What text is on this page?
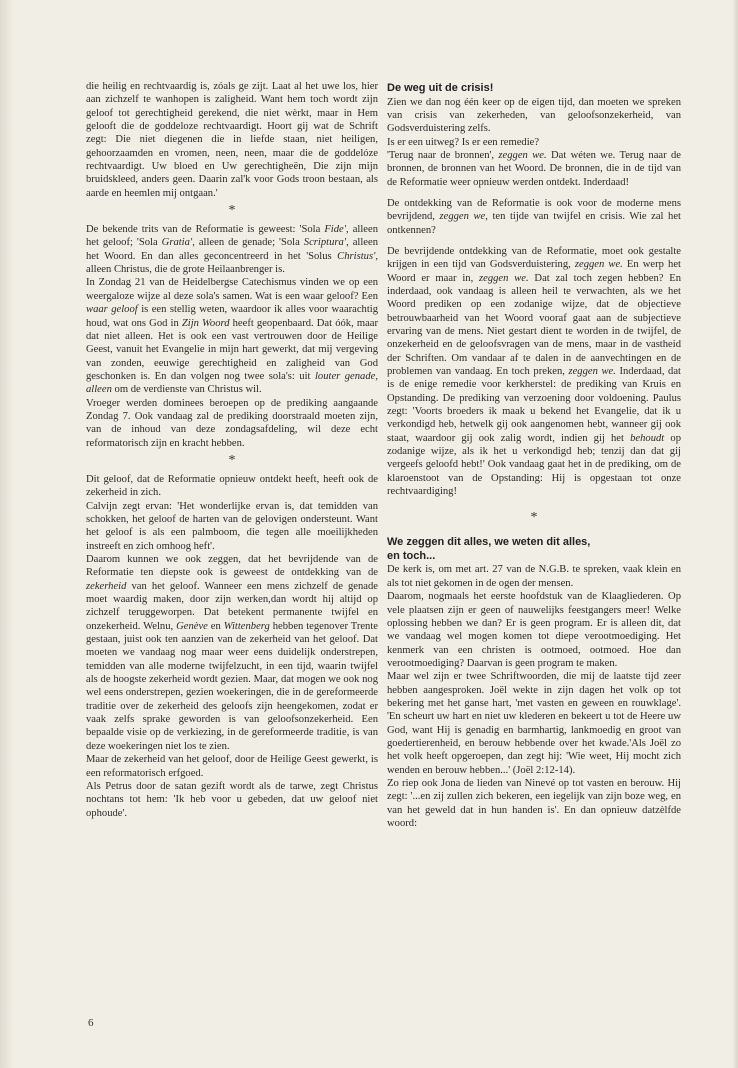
die heilig en rechtvaardig is, zóals ge zijt. Laat al het uwe los, hier aan zichzelf te wanhopen is zaligheid. Want hem toch wordt zijn geloof tot gerechtigheid gerekend, die niet wèrkt, maar in Hem gelooft die de goddeloze rechtvaardigt. Hoort gij wat de Schrift zegt: Die niet diegenen die in liefde staan, niet heiligen, gehoorzaamden en vromen, neen, neen, maar die de goddelóze rechtvaardigt. Uw bloed en Uw gerechtigheën, Die zijn mijn bruidskleed, anders geen. Daarin zal'k voor Gods troon bestaan, als aarde en heemlen mij ontgaan.'

*

De bekende trits van de Reformatie is geweest: 'Sola Fide', alleen het geloof; 'Sola Gratia', alleen de genade; 'Sola Scriptura', alleen het Woord. En dan alles geconcentreerd in het 'Solus Christus', alleen Christus, die de grote Heilaanbrenger is.

In Zondag 21 van de Heidelbergse Catechismus vinden we op een weergaloze wijze al deze sola's samen. Wat is een waar geloof? Een waar geloof is een stellig weten, waardoor ik alles voor waarachtig houd, wat ons God in Zijn Woord heeft geopenbaard. Dat óók, maar dat niet alleen. Het is ook een vast vertrouwen door de Heilige Geest, vanuit het Evangelie in mijn hart gewerkt, dat mij vergeving van zonden, eeuwige gerechtigheid en zaligheid van God geschonken is. En dan volgen nog twee sola's: uit louter genade, alleen om de verdienste van Christus wil.

Vroeger werden dominees beroepen op de prediking aangaande Zondag 7. Ook vandaag zal de prediking doorstraald moeten zijn, van de inhoud van deze zondagsafdeling, wil deze echt reformatorisch zijn en kracht hebben.

*

Dit geloof, dat de Reformatie opnieuw ontdekt heeft, heeft ook de zekerheid in zich.

Calvijn zegt ervan: 'Het wonderlijke ervan is, dat temidden van schokken, het geloof de harten van de gelovigen ondersteunt. Want het geloof is als een palmboom, die tegen alle moeilijkheden instreeft en zich omhoog heft'.

Daarom kunnen we ook zeggen, dat het bevrijdende van de Reformatie ten diepste ook is geweest de ontdekking van de zekerheid van het geloof. Wanneer een mens zichzelf de genade moet waardig maken, door zijn werken,dan wordt hij altijd op zichzelf teruggeworpen. Dat betekent permanente twijfel en onzekerheid. Welnu, Genève en Wittenberg hebben tegenover Trente gestaan, juist ook ten aanzien van de zekerheid van het geloof. Dat moeten we vandaag nog maar weer eens duidelijk onderstrepen, temidden van alle moderne twijfelzucht, in een tijd, waarin twijfel als de hoogste zekerheid wordt gezien. Maar, dat mogen we ook nog wel eens onderstrepen, gezien woekeringen, die in de gereformeerde traditie over de zekerheid des geloofs zijn heengekomen, zodat er vaak zelfs sprake geworden is van geloofsonzekerheid. Een bepaalde visie op de verkiezing, in de gereformeerde traditie, is van deze woekeringen niet los te zien.

Maar de zekerheid van het geloof, door de Heilige Geest gewerkt, is een reformatorisch erfgoed.

Als Petrus door de satan gezift wordt als de tarwe, zegt Christus nochtans tot hem: 'Ik heb voor u gebeden, dat uw geloof niet ophoude'.

De weg uit de crisis!

Zien we dan nog één keer op de eigen tijd, dan moeten we spreken van crisis van zekerheden, van geloofsonzekerheid, van Godsverduistering zelfs.

Is er een uitweg? Is er een remedie?

'Terug naar de bronnen', zeggen we. Dat wéten we. Terug naar de bronnen, de bronnen van het Woord. De bronnen, die in de tijd van de Reformatie weer opnieuw werden ontdekt. Inderdaad!

De ontdekking van de Reformatie is ook voor de moderne mens bevrijdend, zeggen we, ten tijde van twijfel en crisis. Wie zal het ontkennen?

De bevrijdende ontdekking van de Reformatie, moet ook gestalte krijgen in een tijd van Godsverduistering, zeggen we. En werp het Woord er maar in, zeggen we. Dat zal toch zegen hebben? En inderdaad, ook vandaag is alleen heil te verwachten, als we het Woord prediken op een zodanige wijze, dat de objectieve betrouwbaarheid van het Woord vooraf gaat aan de subjectieve ervaring van de mens. Niet gestart dient te worden in de twijfel, de onzekerheid en de geloofsvragen van de mens, maar in de vastheid der Schriften. Om vandaar af te dalen in de aanvechtingen en de problemen van vandaag. En toch preken, zeggen we. Inderdaad, dat is de enige remedie voor kerkherstel: de prediking van Kruis en Opstanding. De prediking van verzoening door voldoening. Paulus zegt: 'Voorts broeders ik maak u bekend het Evangelie, dat ik u verkondigd heb, hetwelk gij ook aangenomen hebt, wanneer gij ook staat, waardoor gij ook zalig wordt, indien gij het behoudt op zodanige wijze, als ik het u verkondigd heb; tenzij dan dat gij vergeefs geloofd hebt!' Ook vandaag gaat het in de prediking, om de klaroenstoot van de Opstanding: Hij is opgestaan tot onze rechtvaardiging!

*
We zeggen dit alles, we weten dit alles,
en toch...

De kerk is, om met art. 27 van de N.G.B. te spreken, vaak klein en als tot niet gekomen in de ogen der mensen.

Daarom, nogmaals het eerste hoofdstuk van de Klaagliederen. Op vele plaatsen zijn er geen of nauwelijks feestgangers meer! Welke oplossing hebben we dan? Er is geen program. Er is alleen dit, dat we vandaag wel mogen komen tot diepe verootmoediging. Het kenmerk van een christen is ootmoed, ootmoed. Hoe dan verootmoediging? Daarvan is geen program te maken.

Maar wel zijn er twee Schriftwoorden, die mij de laatste tijd zeer hebben aangesproken. Joël wekte in zijn dagen het volk op tot bekering met het ganse hart, 'met vasten en geween en rouwklage'. 'En scheurt uw hart en niet uw klederen en bekeert u tot de Heere uw God, want Hij is genadig en barmhartig, lankmoedig en groot van goedertierenheid, en berouw hebbende over het kwade.'Als Joël zo het volk heeft opgeroepen, dan zegt hij: 'Wie weet, Hij mocht zich wenden en berouw hebben...' (Joël 2:12-14).

Zo riep ook Jona de lieden van Ninevé op tot vasten en berouw. Hij zegt: '...en zij zullen zich bekeren, een iegelijk van zijn boze weg, en van het geweld dat in hun handen is'. En dan opnieuw datzèlfde woord:

6
